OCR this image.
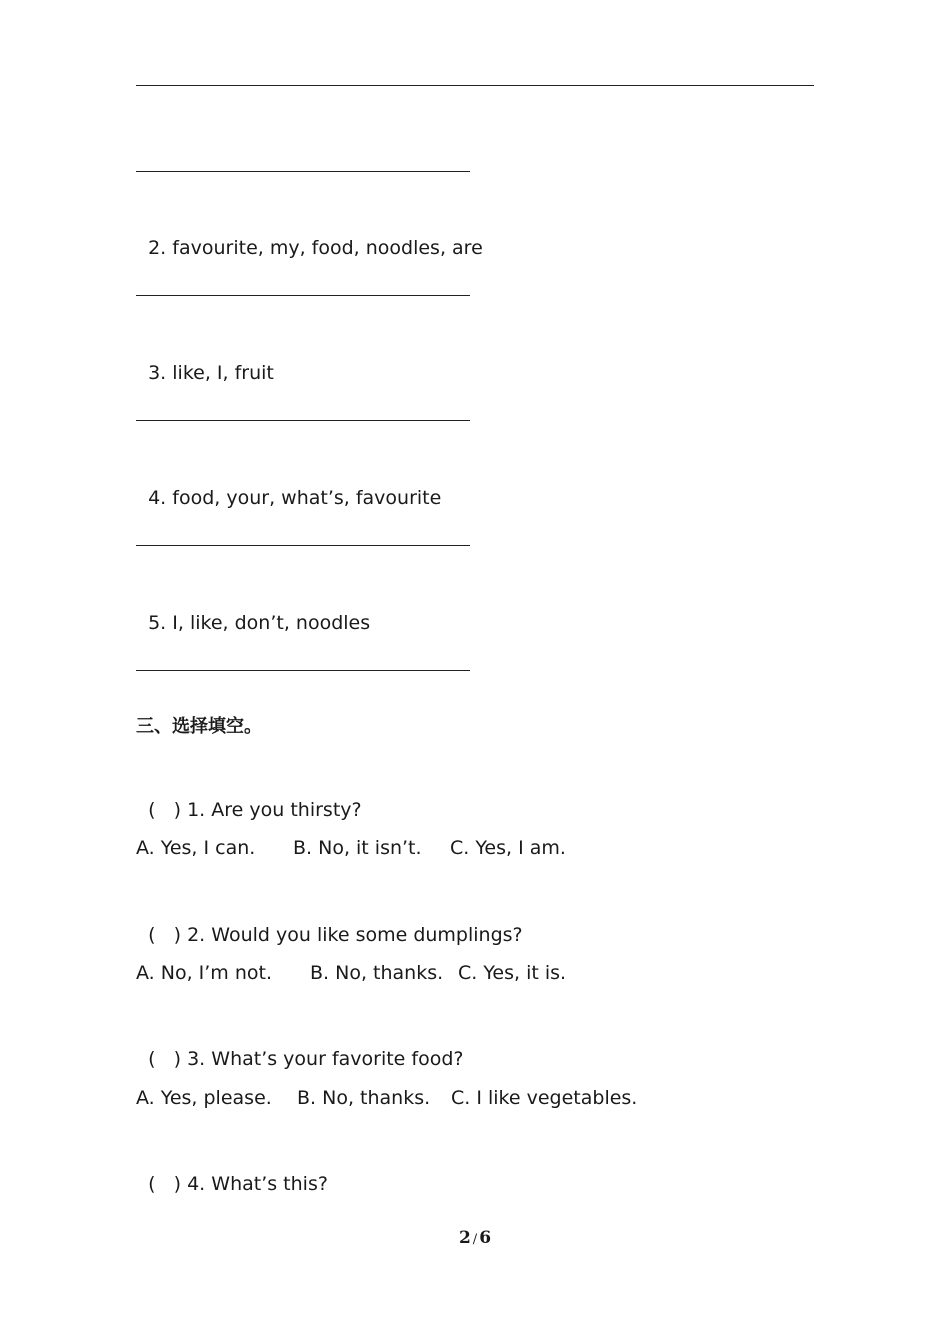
2. favourite, my, food, noodles, are

3. like, I, fruit

4. food, your, what’s, favourite

5. I, like, don’t, noodles

三、选择填空。

(   ) 1. Are you thirsty?

A. Yes, I can.

B. No, it isn’t.

C. Yes, I am.

(   ) 2. Would you like some dumplings?

A. No, I’m not.

B. No, thanks.

C. Yes, it is.

(   ) 3. What’s your favorite food?

A. Yes, please.

B. No, thanks.

C. I like vegetables.

(   ) 4. What’s this?

2 / 6
